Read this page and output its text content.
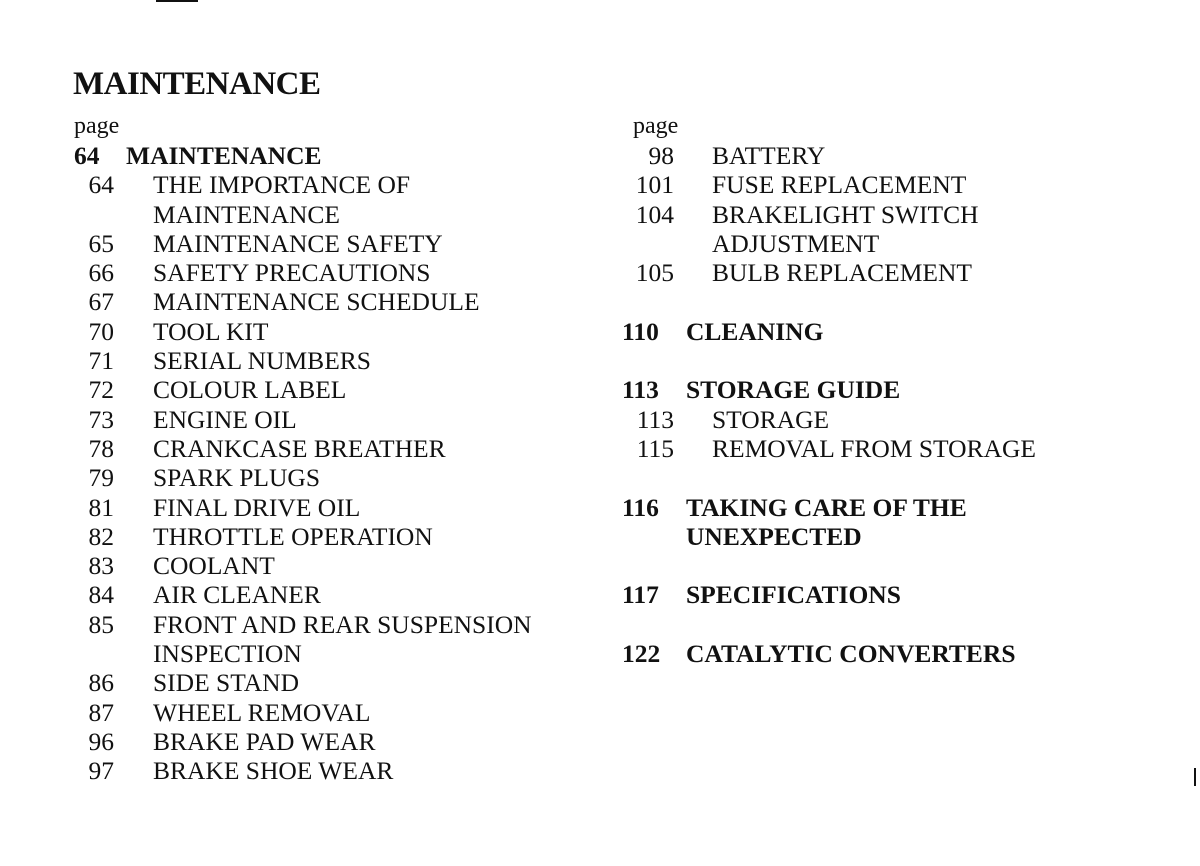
MAINTENANCE
page
64	MAINTENANCE
64	THE IMPORTANCE OF
MAINTENANCE
65	MAINTENANCE SAFETY
66	SAFETY PRECAUTIONS
67	MAINTENANCE SCHEDULE
70	TOOL KIT
71	SERIAL NUMBERS
72	COLOUR LABEL
73	ENGINE OIL
78	CRANKCASE BREATHER
79	SPARK PLUGS
81	FINAL DRIVE OIL
82	THROTTLE OPERATION
83	COOLANT
84	AIR CLEANER
85	FRONT AND REAR SUSPENSION
INSPECTION
86	SIDE STAND
87	WHEEL REMOVAL
96	BRAKE PAD WEAR
97	BRAKE SHOE WEAR
page
98	BATTERY
101	FUSE REPLACEMENT
104	BRAKELIGHT SWITCH
ADJUSTMENT
105	BULB REPLACEMENT
110	CLEANING
113	STORAGE GUIDE
113	STORAGE
115	REMOVAL FROM STORAGE
116	TAKING CARE OF THE
UNEXPECTED
117	SPECIFICATIONS
122	CATALYTIC CONVERTERS
